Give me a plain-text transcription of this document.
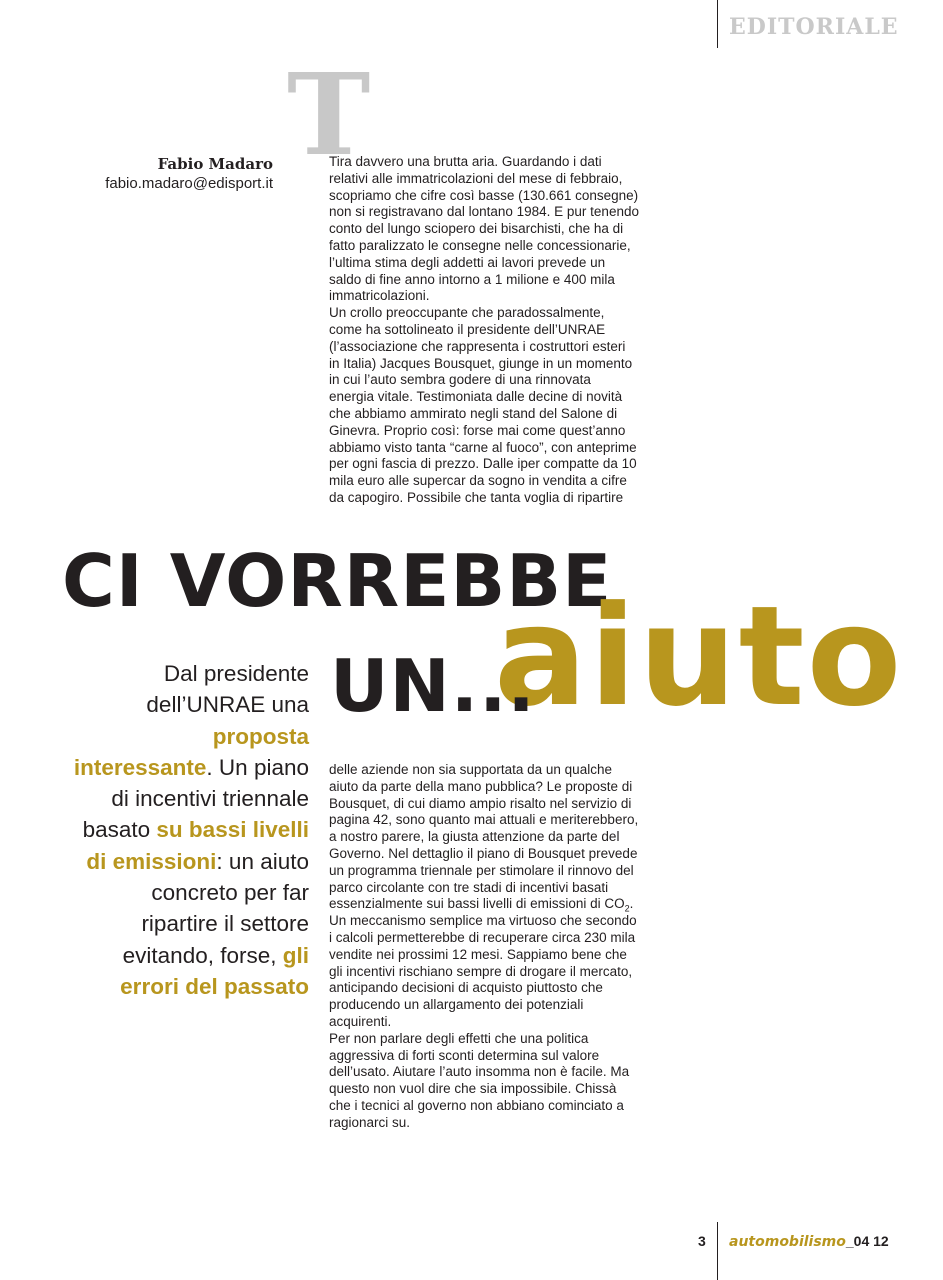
EDITORIALE
T
Fabio Madaro
fabio.madaro@edisport.it

Tira davvero una brutta aria. Guardando i dati relativi alle immatricolazioni del mese di febbraio, scopriamo che cifre così basse (130.661 consegne) non si registravano dal lontano 1984. E pur tenendo conto del lungo sciopero dei bisarchisti, che ha di fatto paralizzato le consegne nelle concessionarie, l’ultima stima degli addetti ai lavori prevede un saldo di fine anno intorno a 1 milione e 400 mila immatricolazioni.

Un crollo preoccupante che paradossalmente, come ha sottolineato il presidente dell’UNRAE (l’associazione che rappresenta i costruttori esteri in Italia) Jacques Bousquet, giunge in un momento in cui l’auto sembra godere di una rinnovata energia vitale. Testimoniata dalle decine di novità che abbiamo ammirato negli stand del Salone di Ginevra. Proprio così: forse mai come quest’anno abbiamo visto tanta “carne al fuoco”, con anteprime per ogni fascia di prezzo. Dalle iper compatte da 10 mila euro alle supercar da sogno in vendita a cifre da capogiro. Possibile che tanta voglia di ripartire

CI VORREBBE
aiuto
UN...
Dal presidente dell’UNRAE una proposta interessante. Un piano di incentivi triennale basato su bassi livelli di emissioni: un aiuto concreto per far ripartire il settore evitando, forse, gli errori del passato

delle aziende non sia supportata da un qualche aiuto da parte della mano pubblica? Le proposte di Bousquet, di cui diamo ampio risalto nel servizio di pagina 42, sono quanto mai attuali e meriterebbero, a nostro parere, la giusta attenzione da parte del Governo. Nel dettaglio il piano di Bousquet prevede un programma triennale per stimolare il rinnovo del parco circolante con tre stadi di incentivi basati essenzialmente sui bassi livelli di emissioni di $CO_2$. Un meccanismo semplice ma virtuoso che secondo i calcoli permetterebbe di recuperare circa 230 mila vendite nei prossimi 12 mesi. Sappiamo bene che gli incentivi rischiano sempre di drogare il mercato, anticipando decisioni di acquisto piuttosto che producendo un allargamento dei potenziali acquirenti.

Per non parlare degli effetti che una politica aggressiva di forti sconti determina sul valore dell’usato. Aiutare l’auto insomma non è facile. Ma questo non vuol dire che sia impossibile. Chissà che i tecnici al governo non abbiano cominciato a ragionarci su.

3 automobilismo_04 12
